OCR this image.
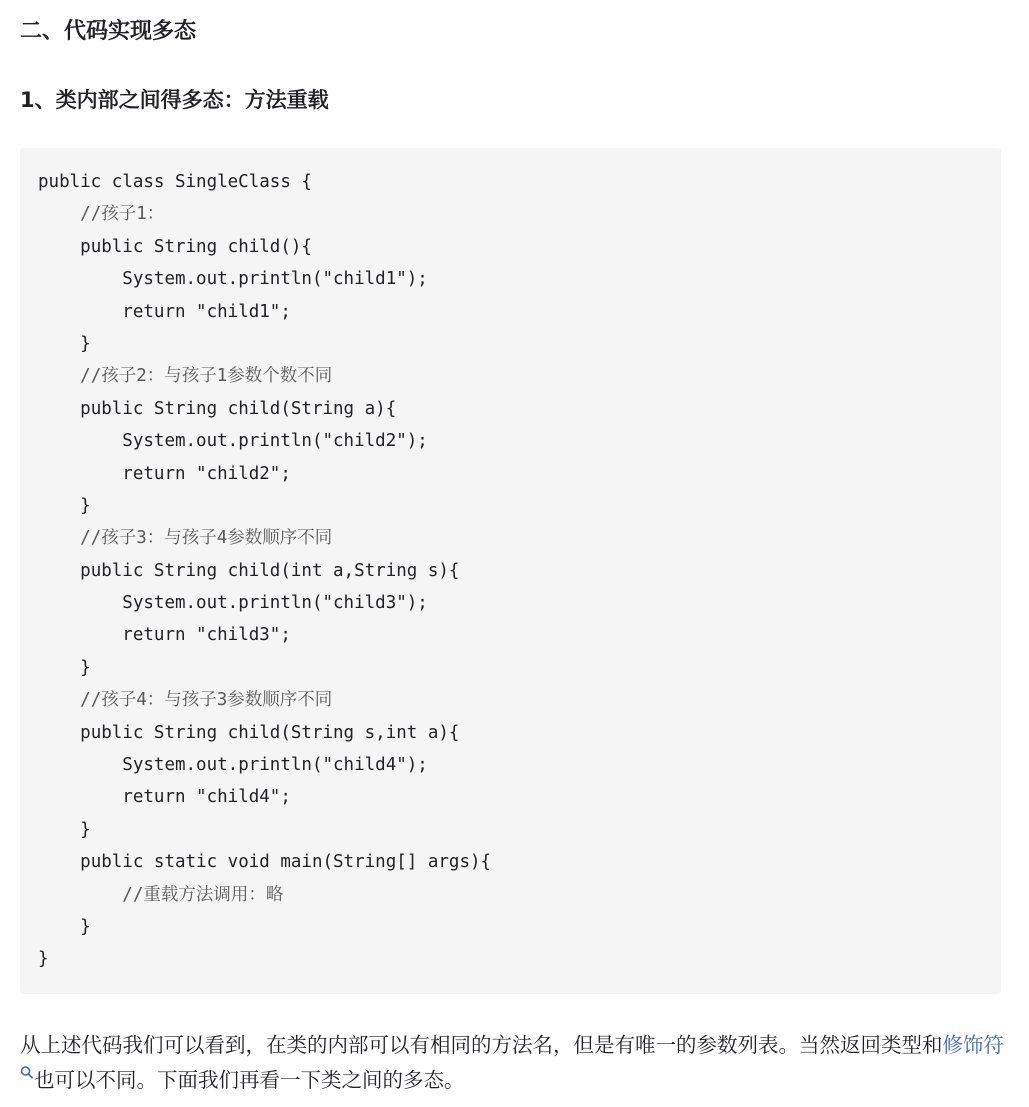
二、代码实现多态
1、类内部之间得多态：方法重载
public class SingleClass {
//孩子1：
public String child(){
System.out.println("child1");
return "child1";
}
//孩子2：与孩子1参数个数不同
public String child(String a){
System.out.println("child2");
return "child2";
}
//孩子3：与孩子4参数顺序不同
public String child(int a,String s){
System.out.println("child3");
return "child3";
}
//孩子4：与孩子3参数顺序不同
public String child(String s,int a){
System.out.println("child4");
return "child4";
}
public static void main(String[] args){
//重载方法调用：略
}
}

从上述代码我们可以看到，在类的内部可以有相同的方法名，但是有唯一的参数列表。当然返回类型和修饰符也可以不同。下面我们再看一下类之间的多态。
